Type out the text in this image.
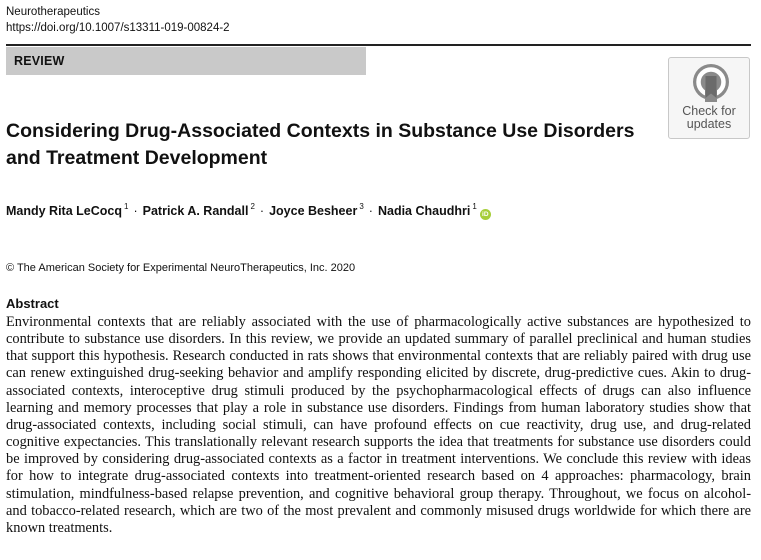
Neurotherapeutics
https://doi.org/10.1007/s13311-019-00824-2
REVIEW
Check for
updates
Considering Drug-Associated Contexts in Substance Use Disorders and Treatment Development
Mandy Rita LeCocq $^1$ · Patrick A. Randall $^2$ · Joyce Besheer $^3$ · Nadia Chaudhri $^1$iD
© The American Society for Experimental NeuroTherapeutics, Inc. 2020
Abstract

Environmental contexts that are reliably associated with the use of pharmacologically active substances are hypothesized to contribute to substance use disorders. In this review, we provide an updated summary of parallel preclinical and human studies that support this hypothesis. Research conducted in rats shows that environmental contexts that are reliably paired with drug use can renew extinguished drug-seeking behavior and amplify responding elicited by discrete, drug-predictive cues. Akin to drug-associated contexts, interoceptive drug stimuli produced by the psychopharmacological effects of drugs can also influence learning and memory processes that play a role in substance use disorders. Findings from human laboratory studies show that drug-associated contexts, including social stimuli, can have profound effects on cue reactivity, drug use, and drug-related cognitive expectancies. This translationally relevant research supports the idea that treatments for substance use disorders could be improved by considering drug-associated contexts as a factor in treatment interventions. We conclude this review with ideas for how to integrate drug-associated contexts into treatment-oriented research based on 4 approaches: pharmacology, brain stimulation, mindfulness-based relapse prevention, and cognitive behavioral group therapy. Throughout, we focus on alcohol- and tobacco-related research, which are two of the most prevalent and commonly misused drugs worldwide for which there are known treatments.
